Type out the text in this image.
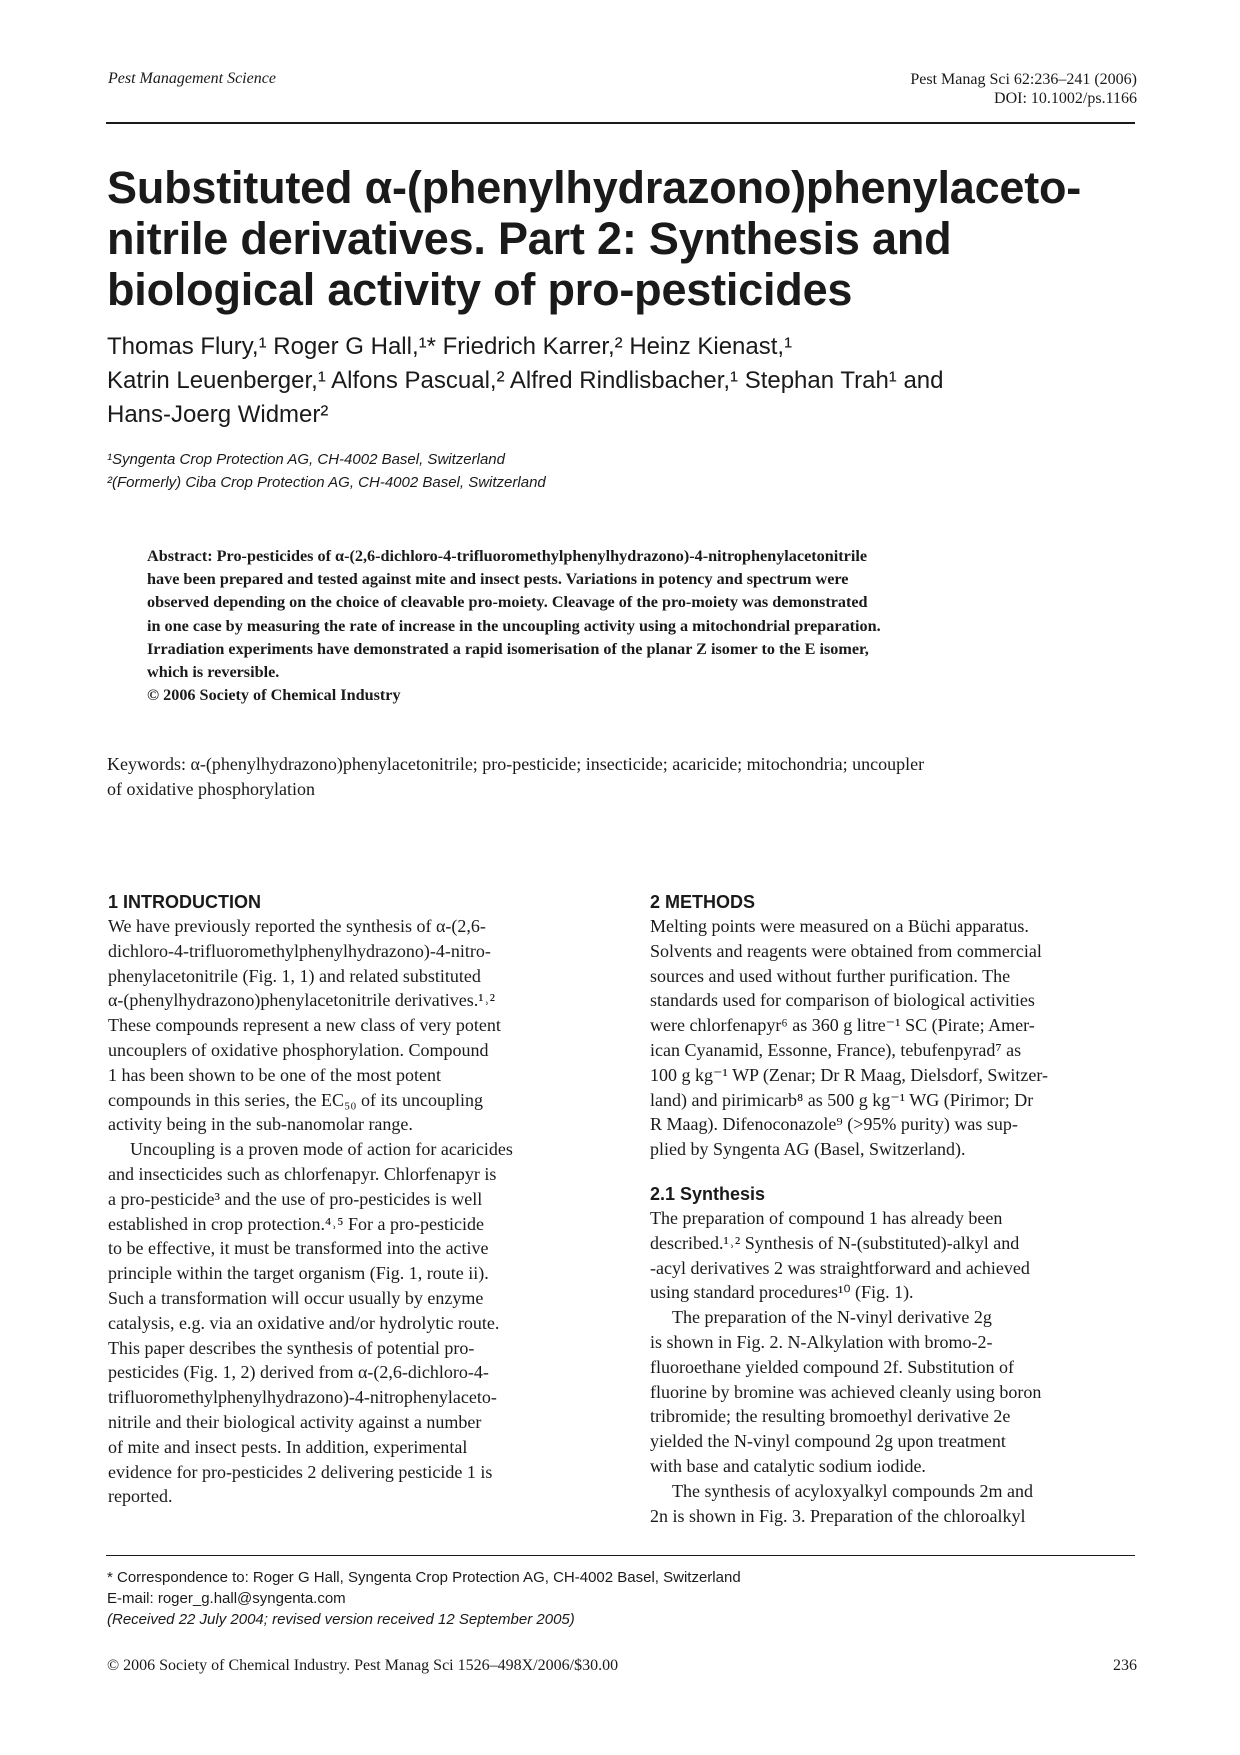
Pest Management Science	Pest Manag Sci 62:236–241 (2006)
DOI: 10.1002/ps.1166
Substituted α-(phenylhydrazono)phenylaceto-
nitrile derivatives. Part 2: Synthesis and
biological activity of pro-pesticides
Thomas Flury,¹ Roger G Hall,¹* Friedrich Karrer,² Heinz Kienast,¹
Katrin Leuenberger,¹ Alfons Pascual,² Alfred Rindlisbacher,¹ Stephan Trah¹ and
Hans-Joerg Widmer²
¹Syngenta Crop Protection AG, CH-4002 Basel, Switzerland
²(Formerly) Ciba Crop Protection AG, CH-4002 Basel, Switzerland
Abstract: Pro-pesticides of α-(2,6-dichloro-4-trifluoromethylphenylhydrazono)-4-nitrophenylacetonitrile
have been prepared and tested against mite and insect pests. Variations in potency and spectrum were
observed depending on the choice of cleavable pro-moiety. Cleavage of the pro-moiety was demonstrated
in one case by measuring the rate of increase in the uncoupling activity using a mitochondrial preparation.
Irradiation experiments have demonstrated a rapid isomerisation of the planar Z isomer to the E isomer,
which is reversible.
© 2006 Society of Chemical Industry
Keywords: α-(phenylhydrazono)phenylacetonitrile; pro-pesticide; insecticide; acaricide; mitochondria; uncoupler
of oxidative phosphorylation
1 INTRODUCTION
We have previously reported the synthesis of α-(2,6-
dichloro-4-trifluoromethylphenylhydrazono)-4-nitro-
phenylacetonitrile (Fig. 1, 1) and related substituted
α-(phenylhydrazono)phenylacetonitrile derivatives.¹˒²
These compounds represent a new class of very potent
uncouplers of oxidative phosphorylation. Compound
1 has been shown to be one of the most potent
compounds in this series, the EC₅₀ of its uncoupling
activity being in the sub-nanomolar range.
Uncoupling is a proven mode of action for acaricides
and insecticides such as chlorfenapyr. Chlorfenapyr is
a pro-pesticide³ and the use of pro-pesticides is well
established in crop protection.⁴˒⁵ For a pro-pesticide
to be effective, it must be transformed into the active
principle within the target organism (Fig. 1, route ii).
Such a transformation will occur usually by enzyme
catalysis, e.g. via an oxidative and/or hydrolytic route.
This paper describes the synthesis of potential pro-
pesticides (Fig. 1, 2) derived from α-(2,6-dichloro-4-
trifluoromethylphenylhydrazono)-4-nitrophenylaceto-
nitrile and their biological activity against a number
of mite and insect pests. In addition, experimental
evidence for pro-pesticides 2 delivering pesticide 1 is
reported.
2 METHODS
Melting points were measured on a Büchi apparatus.
Solvents and reagents were obtained from commercial
sources and used without further purification. The
standards used for comparison of biological activities
were chlorfenapyr⁶ as 360 g litre⁻¹ SC (Pirate; Amer-
ican Cyanamid, Essonne, France), tebufenpyrad⁷ as
100 g kg⁻¹ WP (Zenar; Dr R Maag, Dielsdorf, Switzer-
land) and pirimicarb⁸ as 500 g kg⁻¹ WG (Pirimor; Dr
R Maag). Difenoconazole⁹ (>95% purity) was sup-
plied by Syngenta AG (Basel, Switzerland).
2.1 Synthesis
The preparation of compound 1 has already been
described.¹˒² Synthesis of N-(substituted)-alkyl and
-acyl derivatives 2 was straightforward and achieved
using standard procedures¹⁰ (Fig. 1).
The preparation of the N-vinyl derivative 2g
is shown in Fig. 2. N-Alkylation with bromo-2-
fluoroethane yielded compound 2f. Substitution of
fluorine by bromine was achieved cleanly using boron
tribromide; the resulting bromoethyl derivative 2e
yielded the N-vinyl compound 2g upon treatment
with base and catalytic sodium iodide.
The synthesis of acyloxyalkyl compounds 2m and
2n is shown in Fig. 3. Preparation of the chloroalkyl
* Correspondence to: Roger G Hall, Syngenta Crop Protection AG, CH-4002 Basel, Switzerland
E-mail: roger_g.hall@syngenta.com
(Received 22 July 2004; revised version received 12 September 2005)
© 2006 Society of Chemical Industry. Pest Manag Sci 1526–498X/2006/$30.00	236
